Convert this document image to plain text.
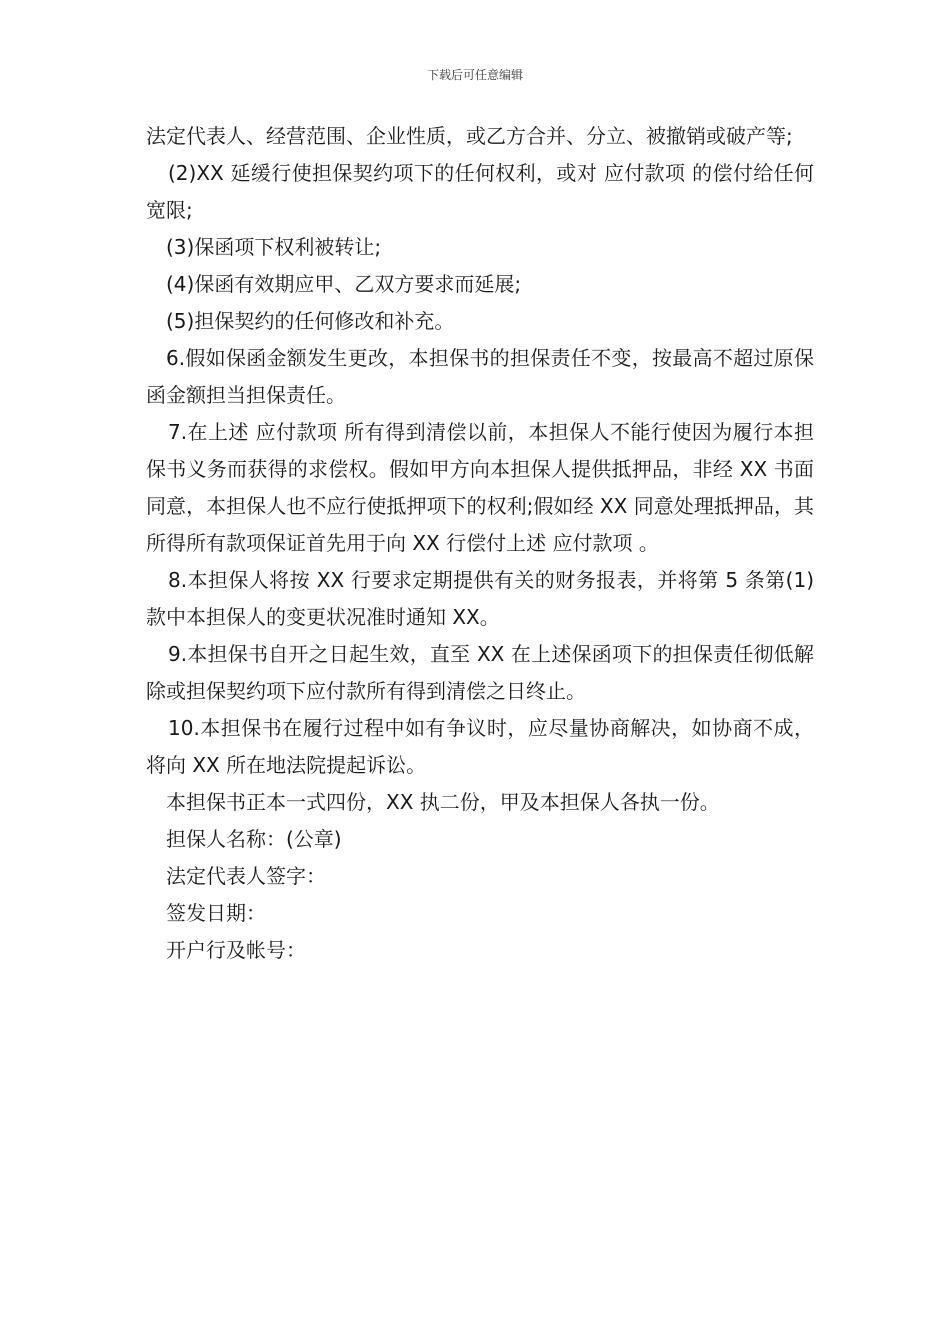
下载后可任意编辑

法定代表人、经营范围、企业性质，或乙方合并、分立、被撤销或破产等;

(2)XX 延缓行使担保契约项下的任何权利，或对 应付款项 的偿付给任何宽限;

(3)保函项下权利被转让;

(4)保函有效期应甲、乙双方要求而延展;

(5)担保契约的任何修改和补充。

6.假如保函金额发生更改，本担保书的担保责任不变，按最高不超过原保函金额担当担保责任。

7.在上述 应付款项 所有得到清偿以前，本担保人不能行使因为履行本担保书义务而获得的求偿权。假如甲方向本担保人提供抵押品，非经 XX 书面同意，本担保人也不应行使抵押项下的权利;假如经 XX 同意处理抵押品，其所得所有款项保证首先用于向 XX 行偿付上述 应付款项 。

8.本担保人将按 XX 行要求定期提供有关的财务报表，并将第 5 条第(1)款中本担保人的变更状况准时通知 XX。

9.本担保书自开之日起生效，直至 XX 在上述保函项下的担保责任彻低解除或担保契约项下应付款所有得到清偿之日终止。

10.本担保书在履行过程中如有争议时，应尽量协商解决，如协商不成，将向 XX 所在地法院提起诉讼。

本担保书正本一式四份，XX 执二份，甲及本担保人各执一份。

担保人名称：(公章)

法定代表人签字：

签发日期：

开户行及帐号：
